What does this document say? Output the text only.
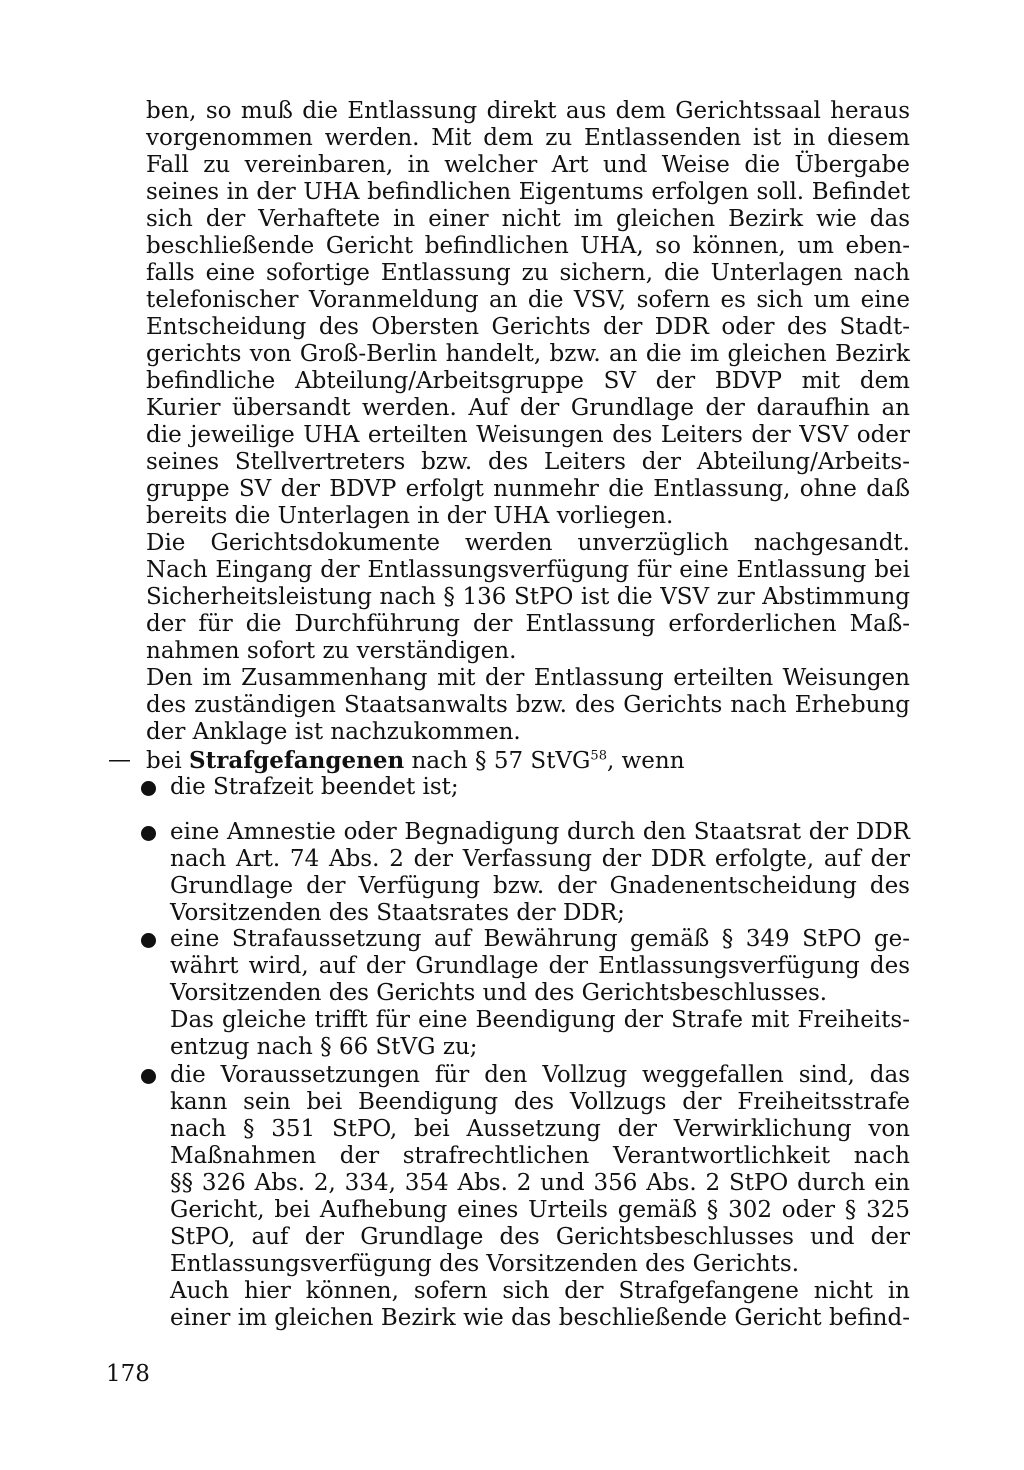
ben, so muß die Entlassung direkt aus dem Gerichtssaal heraus
vorgenommen werden. Mit dem zu Entlassenden ist in diesem
Fall zu vereinbaren, in welcher Art und Weise die Übergabe
seines in der UHA befindlichen Eigentums erfolgen soll. Befindet
sich der Verhaftete in einer nicht im gleichen Bezirk wie das
beschließende Gericht befindlichen UHA, so können, um eben-
falls eine sofortige Entlassung zu sichern, die Unterlagen nach
telefonischer Voranmeldung an die VSV, sofern es sich um eine
Entscheidung des Obersten Gerichts der DDR oder des Stadt-
gerichts von Groß-Berlin handelt, bzw. an die im gleichen Bezirk
befindliche Abteilung/Arbeitsgruppe SV der BDVP mit dem
Kurier übersandt werden. Auf der Grundlage der daraufhin an
die jeweilige UHA erteilten Weisungen des Leiters der VSV oder
seines Stellvertreters bzw. des Leiters der Abteilung/Arbeits-
gruppe SV der BDVP erfolgt nunmehr die Entlassung, ohne daß
bereits die Unterlagen in der UHA vorliegen.
Die Gerichtsdokumente werden unverzüglich nachgesandt.
Nach Eingang der Entlassungsverfügung für eine Entlassung bei
Sicherheitsleistung nach § 136 StPO ist die VSV zur Abstimmung
der für die Durchführung der Entlassung erforderlichen Maß-
nahmen sofort zu verständigen.
Den im Zusammenhang mit der Entlassung erteilten Weisungen
des zuständigen Staatsanwalts bzw. des Gerichts nach Erhebung
der Anklage ist nachzukommen.
— bei Strafgefangenen nach § 57 StVG$^{58}$, wenn
die Strafzeit beendet ist;
eine Amnestie oder Begnadigung durch den Staatsrat der DDR
nach Art. 74 Abs. 2 der Verfassung der DDR erfolgte, auf der
Grundlage der Verfügung bzw. der Gnadenentscheidung des
Vorsitzenden des Staatsrates der DDR;
eine Strafaussetzung auf Bewährung gemäß § 349 StPO ge-
währt wird, auf der Grundlage der Entlassungsverfügung des
Vorsitzenden des Gerichts und des Gerichtsbeschlusses.
Das gleiche trifft für eine Beendigung der Strafe mit Freiheits-
entzug nach § 66 StVG zu;
die Voraussetzungen für den Vollzug weggefallen sind, das
kann sein bei Beendigung des Vollzugs der Freiheitsstrafe
nach § 351 StPO, bei Aussetzung der Verwirklichung von
Maßnahmen der strafrechtlichen Verantwortlichkeit nach
§§ 326 Abs. 2, 334, 354 Abs. 2 und 356 Abs. 2 StPO durch ein
Gericht, bei Aufhebung eines Urteils gemäß § 302 oder § 325
StPO, auf der Grundlage des Gerichtsbeschlusses und der
Entlassungsverfügung des Vorsitzenden des Gerichts.
Auch hier können, sofern sich der Strafgefangene nicht in
einer im gleichen Bezirk wie das beschließende Gericht befind-
178
